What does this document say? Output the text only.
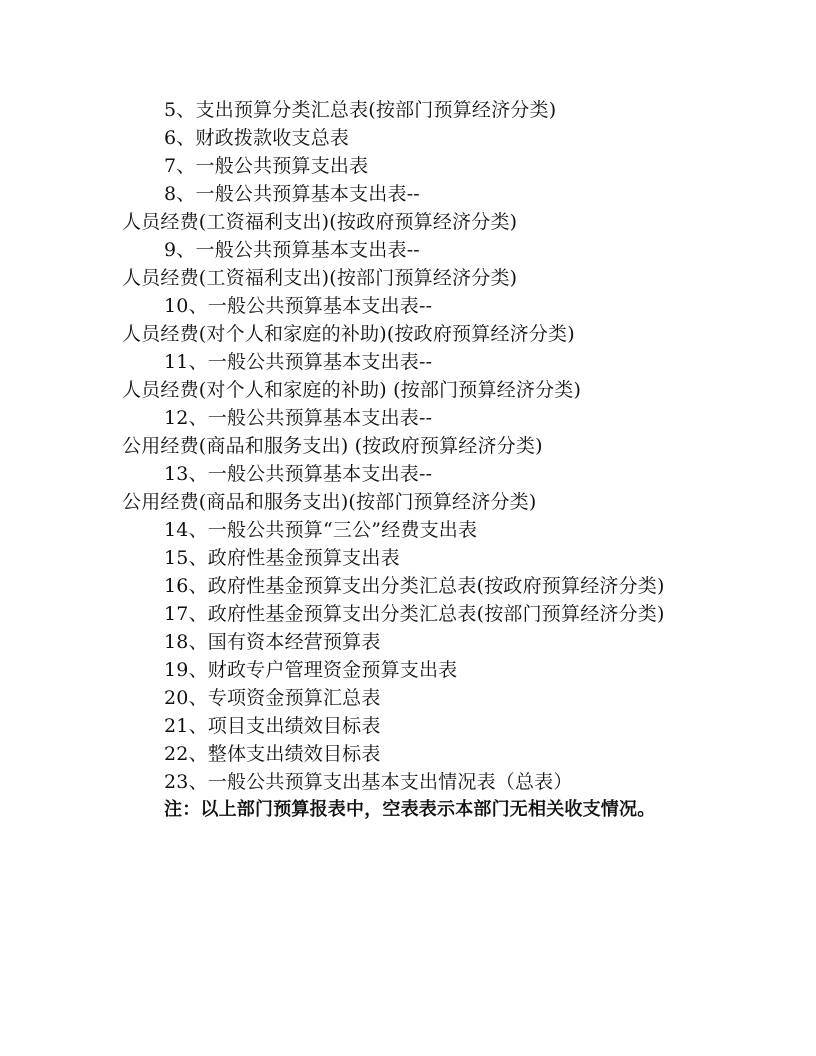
5、支出预算分类汇总表(按部门预算经济分类)

6、财政拨款收支总表

7、一般公共预算支出表

8、一般公共预算基本支出表--

人员经费(工资福利支出)(按政府预算经济分类)

9、一般公共预算基本支出表--

人员经费(工资福利支出)(按部门预算经济分类)

10、一般公共预算基本支出表--

人员经费(对个人和家庭的补助)(按政府预算经济分类)

11、一般公共预算基本支出表--

人员经费(对个人和家庭的补助) (按部门预算经济分类)

12、一般公共预算基本支出表--

公用经费(商品和服务支出) (按政府预算经济分类)

13、一般公共预算基本支出表--

公用经费(商品和服务支出)(按部门预算经济分类)

14、一般公共预算“三公”经费支出表

15、政府性基金预算支出表

16、政府性基金预算支出分类汇总表(按政府预算经济分类)

17、政府性基金预算支出分类汇总表(按部门预算经济分类)

18、国有资本经营预算表

19、财政专户管理资金预算支出表

20、专项资金预算汇总表

21、项目支出绩效目标表

22、整体支出绩效目标表

23、一般公共预算支出基本支出情况表（总表）

注：以上部门预算报表中，空表表示本部门无相关收支情况。
